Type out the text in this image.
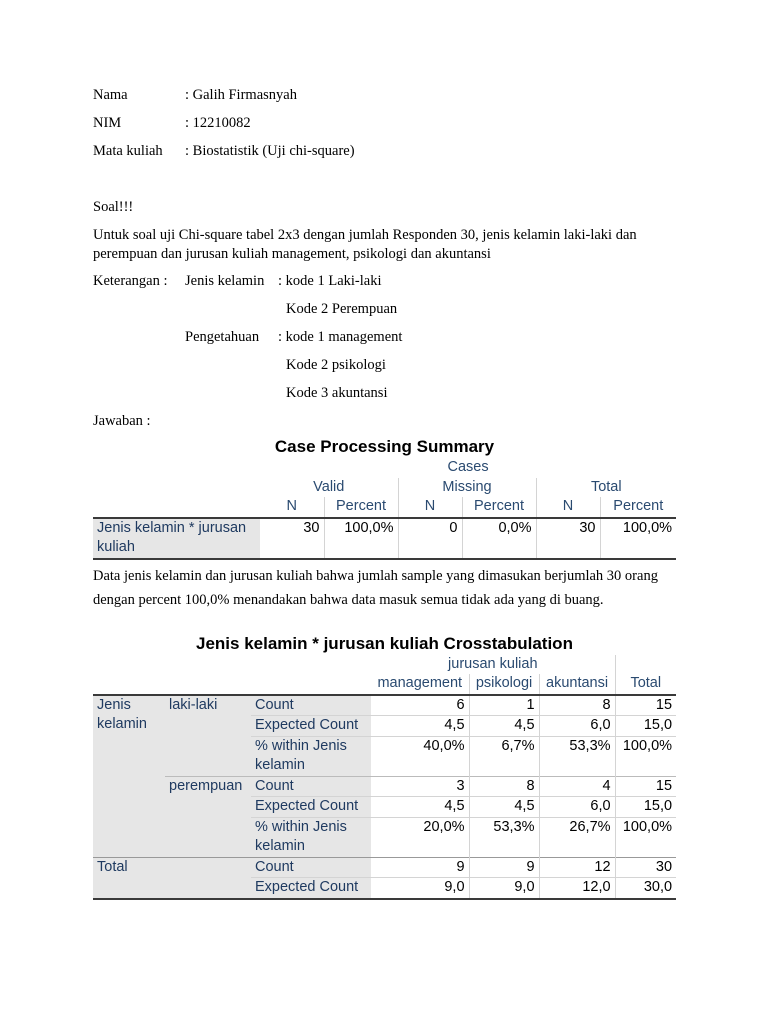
Nama	: Galih Firmasnyah
NIM	: 12210082
Mata kuliah	: Biostatistik (Uji chi-square)

Soal!!!

Untuk soal uji Chi-square tabel 2x3 dengan jumlah Responden 30, jenis kelamin laki-laki dan perempuan dan jurusan kuliah management, psikologi dan akuntansi

Keterangan :	Jenis kelamin : kode 1 Laki-laki
Kode 2 Perempuan
Pengetahuan	: kode 1 management
Kode 2 psikologi
Kode 3 akuntansi

Jawaban :

Case Processing Summary

	Cases					
	Valid		Missing		Total	
	N	Percent	N	Percent	N	Percent
Jenis kelamin * jurusan kuliah	30	100,0%	0	0,0%	30	100,0%

Data jenis kelamin dan jurusan kuliah bahwa jumlah sample yang dimasukan berjumlah 30 orang dengan percent 100,0% menandakan bahwa data masuk semua tidak ada yang di buang.

Jenis kelamin * jurusan kuliah Crosstabulation

			jurusan kuliah			
			management	psikologi	akuntansi	Total
Jenis kelamin	laki-laki	Count	6	1	8	15
		Expected Count	4,5	4,5	6,0	15,0
		% within Jenis kelamin	40,0%	6,7%	53,3%	100,0%
	perempuan	Count	3	8	4	15
		Expected Count	4,5	4,5	6,0	15,0
		% within Jenis kelamin	20,0%	53,3%	26,7%	100,0%
Total		Count	9	9	12	30
		Expected Count	9,0	9,0	12,0	30,0
